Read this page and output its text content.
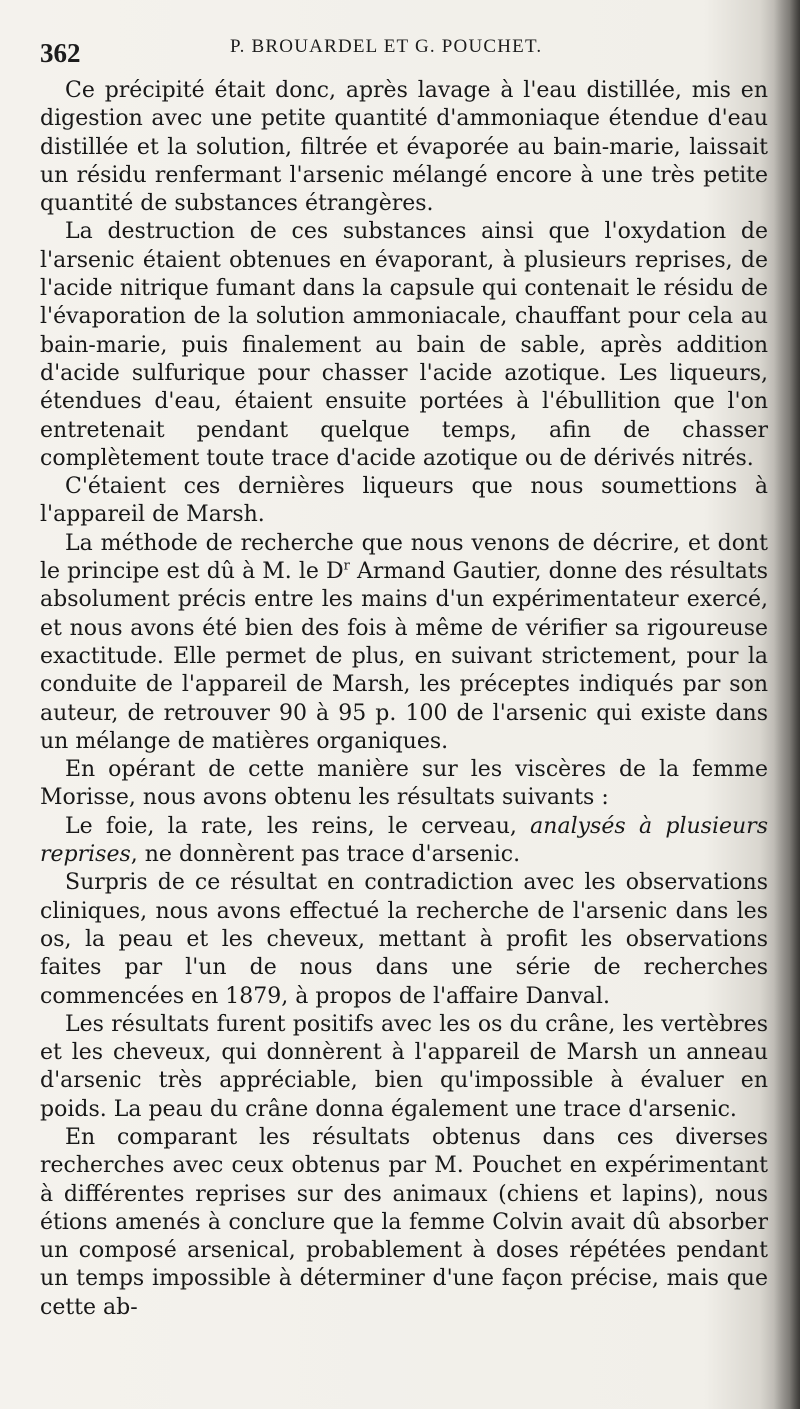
362	P. BROUARDEL ET G. POUCHET.

Ce précipité était donc, après lavage à l'eau distillée, mis en digestion avec une petite quantité d'ammoniaque étendue d'eau distillée et la solution, filtrée et évaporée au bain-marie, laissait un résidu renfermant l'arsenic mélangé encore à une très petite quantité de substances étrangères.

La destruction de ces substances ainsi que l'oxydation de l'arsenic étaient obtenues en évaporant, à plusieurs reprises, de l'acide nitrique fumant dans la capsule qui contenait le résidu de l'évaporation de la solution ammoniacale, chauffant pour cela au bain-marie, puis finalement au bain de sable, après addition d'acide sulfurique pour chasser l'acide azotique. Les liqueurs, étendues d'eau, étaient ensuite portées à l'ébullition que l'on entretenait pendant quelque temps, afin de chasser complètement toute trace d'acide azotique ou de dérivés nitrés.

C'étaient ces dernières liqueurs que nous soumettions à l'appareil de Marsh.

La méthode de recherche que nous venons de décrire, et dont le principe est dû à M. le $D^r$ Armand Gautier, donne des résultats absolument précis entre les mains d'un expérimentateur exercé, et nous avons été bien des fois à même de vérifier sa rigoureuse exactitude. Elle permet de plus, en suivant strictement, pour la conduite de l'appareil de Marsh, les préceptes indiqués par son auteur, de retrouver 90 à 95 p. 100 de l'arsenic qui existe dans un mélange de matières organiques.

En opérant de cette manière sur les viscères de la femme Morisse, nous avons obtenu les résultats suivants :

Le foie, la rate, les reins, le cerveau, analysés à plusieurs reprises, ne donnèrent pas trace d'arsenic.

Surpris de ce résultat en contradiction avec les observations cliniques, nous avons effectué la recherche de l'arsenic dans les os, la peau et les cheveux, mettant à profit les observations faites par l'un de nous dans une série de recherches commencées en 1879, à propos de l'affaire Danval.

Les résultats furent positifs avec les os du crâne, les vertèbres et les cheveux, qui donnèrent à l'appareil de Marsh un anneau d'arsenic très appréciable, bien qu'impossible à évaluer en poids. La peau du crâne donna également une trace d'arsenic.

En comparant les résultats obtenus dans ces diverses recherches avec ceux obtenus par M. Pouchet en expérimentant à différentes reprises sur des animaux (chiens et lapins), nous étions amenés à conclure que la femme Colvin avait dû absorber un composé arsenical, probablement à doses répétées pendant un temps impossible à déterminer d'une façon précise, mais que cette ab-
